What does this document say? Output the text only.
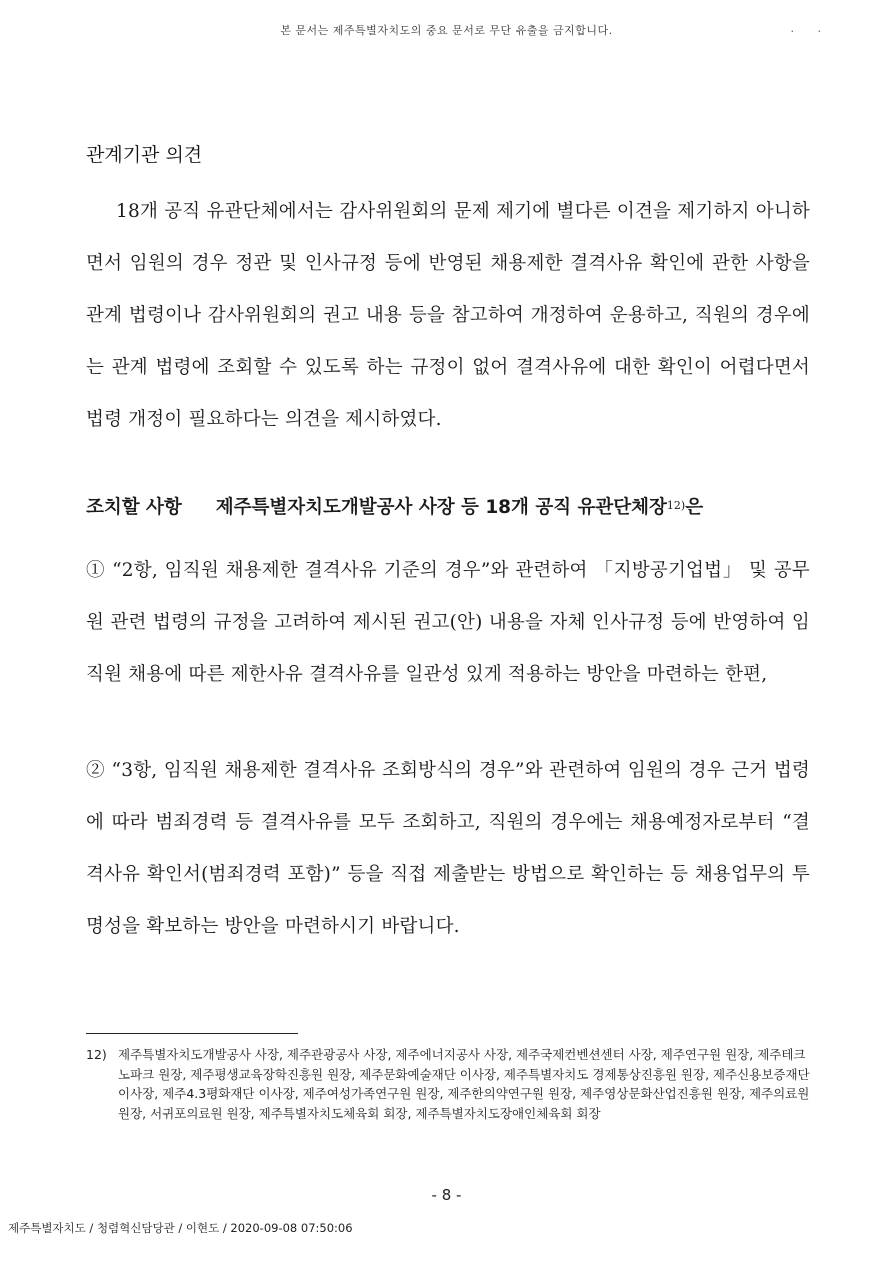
본 문서는 제주특별자치도의 중요 문서로 무단 유출을 금지합니다.	. .
관계기관 의견
18개 공직 유관단체에서는 감사위원회의 문제 제기에 별다른 이견을 제기하지 아니하면서 임원의 경우 정관 및 인사규정 등에 반영된 채용제한 결격사유 확인에 관한 사항을 관계 법령이나 감사위원회의 권고 내용 등을 참고하여 개정하여 운용하고, 직원의 경우에는 관계 법령에 조회할 수 있도록 하는 규정이 없어 결격사유에 대한 확인이 어렵다면서 법령 개정이 필요하다는 의견을 제시하였다.
조치할 사항 제주특별자치도개발공사 사장 등 18개 공직 유관단체장$^{12)}$은
① “2항, 임직원 채용제한 결격사유 기준의 경우”와 관련하여 「지방공기업법」 및 공무원 관련 법령의 규정을 고려하여 제시된 권고(안) 내용을 자체 인사규정 등에 반영하여 임직원 채용에 따른 제한사유 결격사유를 일관성 있게 적용하는 방안을 마련하는 한편,
② “3항, 임직원 채용제한 결격사유 조회방식의 경우”와 관련하여 임원의 경우 근거 법령에 따라 범죄경력 등 결격사유를 모두 조회하고, 직원의 경우에는 채용예정자로부터 “결격사유 확인서(범죄경력 포함)” 등을 직접 제출받는 방법으로 확인하는 등 채용업무의 투명성을 확보하는 방안을 마련하시기 바랍니다.
12) 제주특별자치도개발공사 사장, 제주관광공사 사장, 제주에너지공사 사장, 제주국제컨벤션센터 사장, 제주연구원 원장, 제주테크노파크 원장, 제주평생교육장학진흥원 원장, 제주문화예술재단 이사장, 제주특별자치도 경제통상진흥원 원장, 제주신용보증재단 이사장, 제주4.3평화재단 이사장, 제주여성가족연구원 원장, 제주한의약연구원 원장, 제주영상문화산업진흥원 원장, 제주의료원 원장, 서귀포의료원 원장, 제주특별자치도체육회 회장, 제주특별자치도장애인체육회 회장
- 8 -
제주특별자치도 / 청렴혁신담당관 / 이현도 / 2020-09-08 07:50:06
